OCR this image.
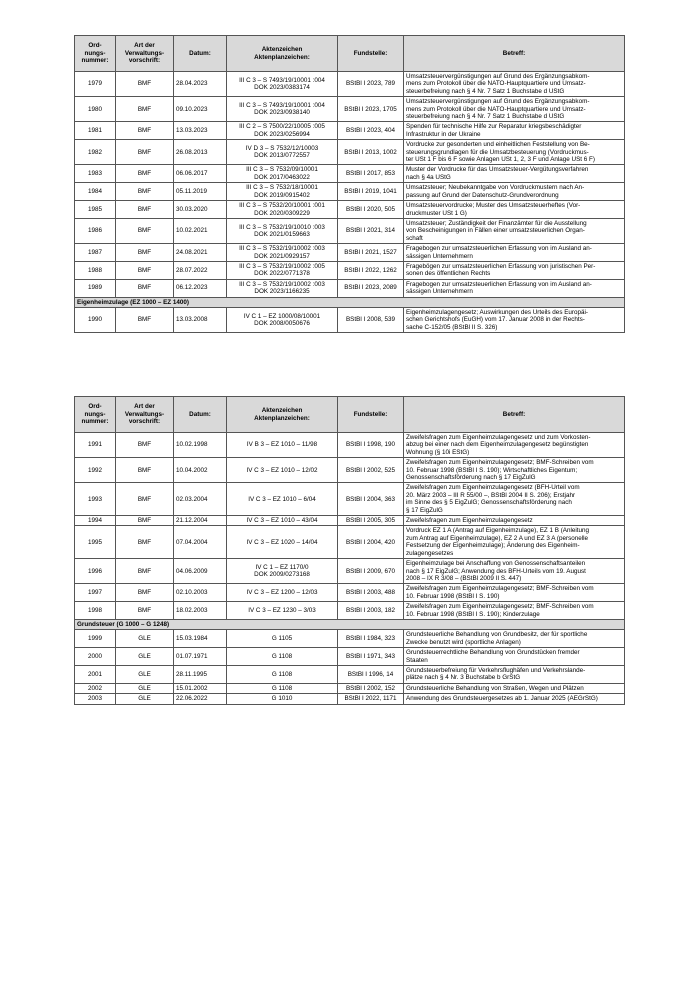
Ord-
nungs-
nummer:	Art der
Verwaltungs-
vorschrift:	Datum:	Aktenzeichen
Aktenplanzeichen:	Fundstelle:	Betreff:
1979	BMF	28.04.2023	III C 3 – S 7493/19/10001 :004
DOK 2023/0383174	BStBl I 2023, 789	Umsatzsteuervergünstigungen auf Grund des Ergänzungsabkom-
mens zum Protokoll über die NATO-Hauptquartiere und Umsatz-
steuerbefreiung nach § 4 Nr. 7 Satz 1 Buchstabe d UStG
1980	BMF	09.10.2023	III C 3 – S 7493/19/10001 :004
DOK 2023/0938140	BStBl I 2023, 1705	Umsatzsteuervergünstigungen auf Grund des Ergänzungsabkom-
mens zum Protokoll über die NATO-Hauptquartiere und Umsatz-
steuerbefreiung nach § 4 Nr. 7 Satz 1 Buchstabe d UStG
1981	BMF	13.03.2023	III C 2 – S 7500/22/10005 :005
DOK 2023/0256994	BStBl I 2023, 404	Spenden für technische Hilfe zur Reparatur kriegsbeschädigter
Infrastruktur in der Ukraine
1982	BMF	26.08.2013	IV D 3 – S 7532/12/10003
DOK 2013/0772557	BStBl I 2013, 1002	Vordrucke zur gesonderten und einheitlichen Feststellung von Be-
steuerungsgrundlagen für die Umsatzbesteuerung (Vordruckmus-
ter USt 1 F bis 6 F sowie Anlagen USt 1, 2, 3 F und Anlage USt 6 F)
1983	BMF	06.06.2017	III C 3 – S 7532/09/10001
DOK 2017/0463022	BStBl I 2017, 853	Muster der Vordrucke für das Umsatzsteuer-Vergütungsverfahren
nach § 4a UStG
1984	BMF	05.11.2019	III C 3 – S 7532/18/10001
DOK 2019/0915402	BStBl I 2019, 1041	Umsatzsteuer; Neubekanntgabe von Vordruckmustern nach An-
passung auf Grund der Datenschutz-Grundverordnung
1985	BMF	30.03.2020	III C 3 – S 7532/20/10001 :001
DOK 2020/0309229	BStBl I 2020, 505	Umsatzsteuervordrucke; Muster des Umsatzsteuerheftes (Vor-
druckmuster USt 1 G)
1986	BMF	10.02.2021	III C 3 – S 7532/19/10010 :003
DOK 2021/0159663	BStBl I 2021, 314	Umsatzsteuer; Zuständigkeit der Finanzämter für die Ausstellung
von Bescheinigungen in Fällen einer umsatzsteuerlichen Organ-
schaft
1987	BMF	24.08.2021	III C 3 – S 7532/19/10002 :003
DOK 2021/0929157	BStBl I 2021, 1527	Fragebogen zur umsatzsteuerlichen Erfassung von im Ausland an-
sässigen Unternehmern
1988	BMF	28.07.2022	III C 3 – S 7532/19/10002 :005
DOK 2022/0771378	BStBl I 2022, 1262	Fragebögen zur umsatzsteuerlichen Erfassung von juristischen Per-
sonen des öffentlichen Rechts
1989	BMF	06.12.2023	III C 3 – S 7532/19/10002 :003
DOK 2023/1166235	BStBl I 2023, 2089	Fragebogen zur umsatzsteuerlichen Erfassung von im Ausland an-
sässigen Unternehmern
Eigenheimzulage (EZ 1000 – EZ 1400)					
1990	BMF	13.03.2008	IV C 1 – EZ 1000/08/10001
DOK 2008/0050676	BStBl I 2008, 539	Eigenheimzulagengesetz; Auswirkungen des Urteils des Europäi-
schen Gerichtshofs (EuGH) vom 17. Januar 2008 in der Rechts-
sache C-152/05 (BStBl II S. 326)
Ord-
nungs-
nummer:	Art der
Verwaltungs-
vorschrift:	Datum:	Aktenzeichen
Aktenplanzeichen:	Fundstelle:	Betreff:
1991	BMF	10.02.1998	IV B 3 – EZ 1010 – 11/98	BStBl I 1998, 190	Zweifelsfragen zum Eigenheimzulagengesetz und zum Vorkosten-
abzug bei einer nach dem Eigenheimzulagengesetz begünstigten
Wohnung (§ 10i EStG)
1992	BMF	10.04.2002	IV C 3 – EZ 1010 – 12/02	BStBl I 2002, 525	Zweifelsfragen zum Eigenheimzulagengesetz; BMF-Schreiben vom
10. Februar 1998 (BStBl I S. 190); Wirtschaftliches Eigentum;
Genossenschaftsförderung nach § 17 EigZulG
1993	BMF	02.03.2004	IV C 3 – EZ 1010 – 6/04	BStBl I 2004, 363	Zweifelsfragen zum Eigenheimzulagengesetz (BFH-Urteil vom
20. März 2003 – III R 55/00 –, BStBl 2004 II S. 206); Erstjahr
im Sinne des § 5 EigZulG; Genossenschaftsförderung nach
§ 17 EigZulG
1994	BMF	21.12.2004	IV C 3 – EZ 1010 – 43/04	BStBl I 2005, 305	Zweifelsfragen zum Eigenheimzulagengesetz
1995	BMF	07.04.2004	IV C 3 – EZ 1020 – 14/04	BStBl I 2004, 420	Vordruck EZ 1 A (Antrag auf Eigenheimzulage), EZ 1 B (Anleitung
zum Antrag auf Eigenheimzulage), EZ 2 A und EZ 3 A (personelle
Festsetzung der Eigenheimzulage); Änderung des Eigenheim-
zulagengesetzes
1996	BMF	04.06.2009	IV C 1 – EZ 1170/0
DOK 2009/0273168	BStBl I 2009, 670	Eigenheimzulage bei Anschaffung von Genossenschaftsanteilen
nach § 17 EigZulG; Anwendung des BFH-Urteils vom 19. August
2008 – IX R 3/08 – (BStBl 2009 II S. 447)
1997	BMF	02.10.2003	IV C 3 – EZ 1200 – 12/03	BStBl I 2003, 488	Zweifelsfragen zum Eigenheimzulagengesetz; BMF-Schreiben vom
10. Februar 1998 (BStBl I S. 190)
1998	BMF	18.02.2003	IV C 3 – EZ 1230 – 3/03	BStBl I 2003, 182	Zweifelsfragen zum Eigenheimzulagengesetz; BMF-Schreiben vom
10. Februar 1998 (BStBl I S. 190); Kinderzulage
Grundsteuer (G 1000 – G 1248)					
1999	GLE	15.03.1984	G 1105	BStBl I 1984, 323	Grundsteuerliche Behandlung von Grundbesitz, der für sportliche
Zwecke benutzt wird (sportliche Anlagen)
2000	GLE	01.07.1971	G 1108	BStBl I 1971, 343	Grundsteuerrechtliche Behandlung von Grundstücken fremder
Staaten
2001	GLE	28.11.1995	G 1108	BStBl I 1996, 14	Grundsteuerbefreiung für Verkehrsflughäfen und Verkehrslande-
plätze nach § 4 Nr. 3 Buchstabe b GrStG
2002	GLE	15.01.2002	G 1108	BStBl I 2002, 152	Grundsteuerliche Behandlung von Straßen, Wegen und Plätzen
2003	GLE	22.06.2022	G 1010	BStBl I 2022, 1171	Anwendung des Grundsteuergesetzes ab 1. Januar 2025 (AEGrStG)
